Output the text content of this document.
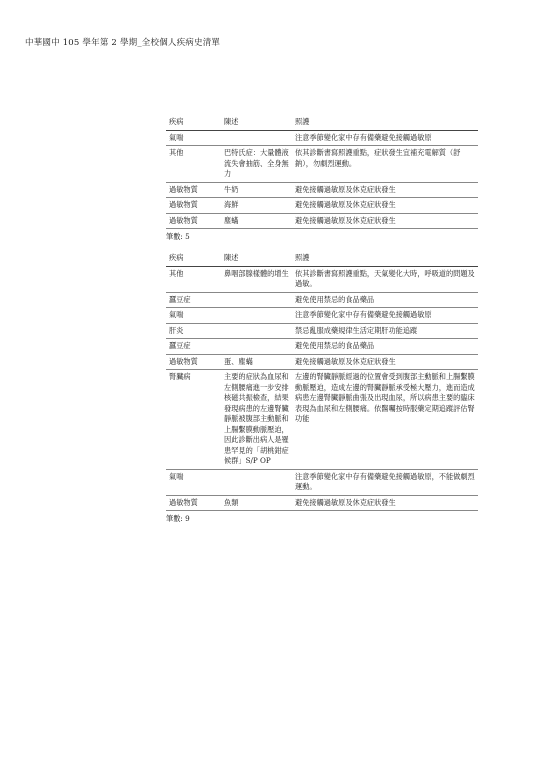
中華國中 105 學年第 2 學期_全校個人疾病史清單
疾病	陳述	照護
氣喘		注意季節變化家中存有備藥避免接觸過敏原
其他	巴特氏症：大量體液流失會抽筋、全身無力	依其診斷書寫照護重點，症狀發生宜補充電解質（舒鈉），勿劇烈運動。
過敏物質	牛奶	避免接觸過敏原及休克症狀發生
過敏物質	海鮮	避免接觸過敏原及休克症狀發生
過敏物質	塵蟎	避免接觸過敏原及休克症狀發生
筆數: 5
疾病	陳述	照護
其他	鼻咽部腺樣體的增生	依其診斷書寫照護重點，天氣變化大時，呼吸道的問題及過敏。
蠶豆症		避免使用禁忌的食品藥品
氣喘		注意季節變化家中存有備藥避免接觸過敏原
肝炎		禁忌亂服成藥規律生活定期肝功能追蹤
蠶豆症		避免使用禁忌的食品藥品
過敏物質	蛋、塵蟎	避免接觸過敏原及休克症狀發生
腎臟病	主要的症狀為血尿和左側腰痛進一步安排核磁共振檢查，結果發現病患的左邊腎臟靜脈被腹部主動脈和上腸繫膜動脈壓迫，因此診斷出病人是罹患罕見的「胡桃鉗症候群」S/P OP	左邊的腎臟靜脈經過的位置會受到腹部主動脈和上腸繫膜動脈壓迫，造成左邊的腎臟靜脈承受極大壓力，進而造成病患左邊腎臟靜脈曲張及出現血尿，所以病患主要的臨床表現為血尿和左側腰痛。依醫囑按時服藥定期追蹤評估腎功能
氣喘		注意季節變化家中存有備藥避免接觸過敏原，不能做劇烈運動。
過敏物質	魚類	避免接觸過敏原及休克症狀發生
筆數: 9
